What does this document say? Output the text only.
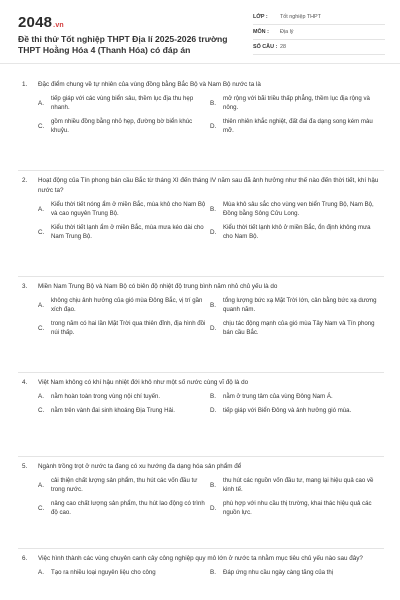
2048.vn
Đề thi thử Tốt nghiệp THPT Địa lí 2025-2026 trường THPT Hoằng Hóa 4 (Thanh Hóa) có đáp án
LỚP :	Tốt nghiệp THPT
MÔN :	Địa lý
SỐ CÂU : 28
1.	Đặc điểm chung về tự nhiên của vùng đồng bằng Bắc Bộ và Nam Bộ nước ta là
A.
tiếp giáp với các vùng biển sâu, thềm lục địa thu hẹp nhanh.
B.
mở rộng với bãi triều thấp phẳng, thềm lục địa rộng và nông.
C.
gồm nhiều đồng bằng nhỏ hẹp, đường bờ biển khúc khuỷu.
D.
thiên nhiên khắc nghiệt, đất đai đa dạng song kém màu mỡ.
2.	Hoạt động của Tín phong bán cầu Bắc từ tháng XI đến tháng IV năm sau đã ảnh hưởng như thế nào đến thời tiết, khí hậu nước ta?
A.
Kiểu thời tiết nóng ẩm ở miền Bắc, mùa khô cho Nam Bộ và cao nguyên Trung Bộ.
B.
Mùa khô sâu sắc cho vùng ven biển Trung Bộ, Nam Bộ, Đồng bằng Sông Cửu Long.
C.
Kiểu thời tiết lạnh ẩm ở miền Bắc, mùa mưa kéo dài cho Nam Trung Bộ.
D.
Kiểu thời tiết lạnh khô ở miền Bắc, ổn định không mưa cho Nam Bộ.
3.	Miền Nam Trung Bộ và Nam Bộ có biên độ nhiệt độ trung bình năm nhỏ chủ yếu là do
A.
không chịu ảnh hưởng của gió mùa Đông Bắc, vị trí gần xích đạo.
B.
tổng lượng bức xạ Mặt Trời lớn, cân bằng bức xạ dương quanh năm.
C.
trong năm có hai lần Mặt Trời qua thiên đỉnh, địa hình đồi núi thấp.
D.
chịu tác động mạnh của gió mùa Tây Nam và Tín phong bán cầu Bắc.
4.	Việt Nam không có khí hậu nhiệt đới khô như một số nước cùng vĩ độ là do
A.	nằm hoàn toàn trong vùng nội chí tuyến.	B.	nằm ở trung tâm của vùng Đông Nam Á.
C.	nằm trên vành đai sinh khoáng Địa Trung Hải.	D.	tiếp giáp với Biển Đông và ảnh hưởng gió mùa.
5.	Ngành trồng trọt ở nước ta đang có xu hướng đa dạng hóa sản phẩm để
A.
cải thiện chất lượng sản phẩm, thu hút các vốn đầu tư trong nước.
B.
thu hút các nguồn vốn đầu tư, mang lại hiệu quả cao về kinh tế.
C.
nâng cao chất lượng sản phẩm, thu hút lao động có trình độ cao.
D.
phù hợp với nhu cầu thị trường, khai thác hiệu quả các nguồn lực.
6.	Việc hình thành các vùng chuyên canh cây công nghiệp quy mô lớn ở nước ta nhằm mục tiêu chủ yếu nào sau đây?
A.	Tạo ra nhiều loại nguyên liệu cho công	B.	Đáp ứng nhu cầu ngày càng tăng của thị
